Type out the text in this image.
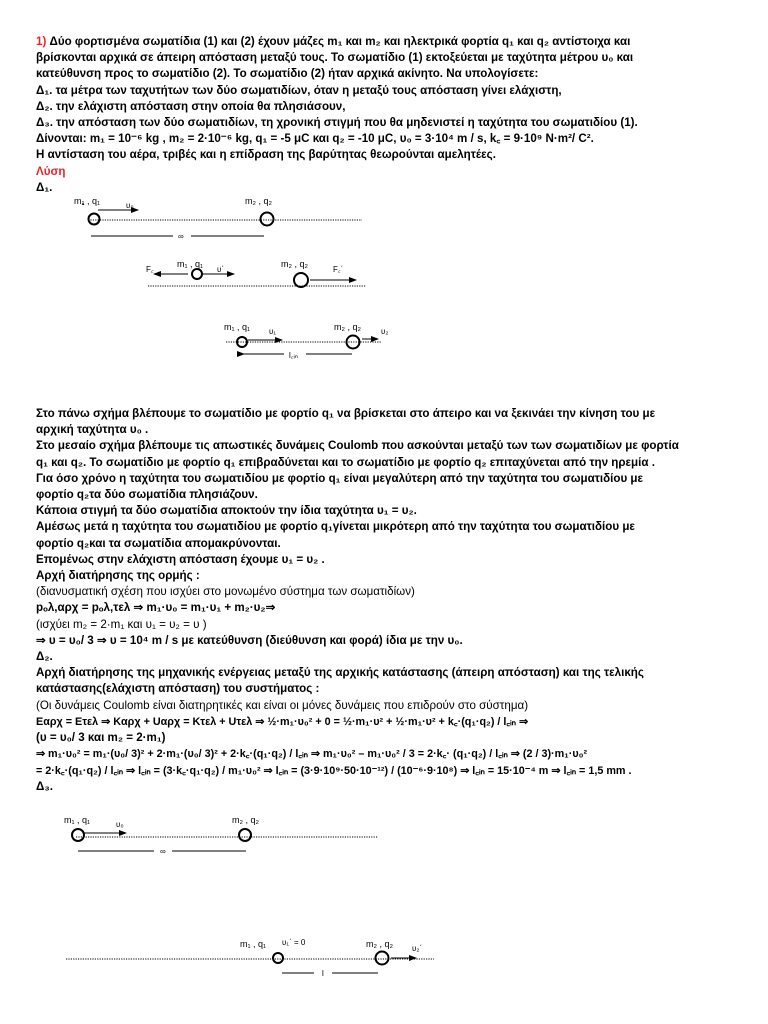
1) Δύο φορτισμένα σωματίδια (1) και (2) έχουν μάζες m₁ και m₂ και ηλεκτρικά φορτία q₁ και q₂ αντίστοιχα και
βρίσκονται αρχικά σε άπειρη απόσταση μεταξύ τους. Το σωματίδιο (1) εκτοξεύεται με ταχύτητα μέτρου υ₀ και
κατεύθυνση προς το σωματίδιο (2). Το σωματίδιο (2) ήταν αρχικά ακίνητο. Να υπολογίσετε:
Δ₁. τα μέτρα των ταχυτήτων των δύο σωματιδίων, όταν η μεταξύ τους απόσταση γίνει ελάχιστη,
Δ₂. την ελάχιστη απόσταση στην οποία θα πλησιάσουν,
Δ₃. την απόσταση των δύο σωματιδίων, τη χρονική στιγμή που θα μηδενιστεί η ταχύτητα του σωματιδίου (1).
Δίνονται: m₁ = 10⁻⁶ kg , m₂ = 2·10⁻⁶ kg, q₁ = -5 μC και q₂ = -10 μC, υ₀ = 3·10⁴ m / s, k꜀ = 9·10⁹ N·m²/ C².
Η αντίσταση του αέρα, τριβές και η επίδραση της βαρύτητας θεωρούνται αμελητέες.
Λύση
Δ₁.
m₁ , q₁	υ₀	m₂ , q₂
∞
F꜀
m₁ , q₁
υ΄
m₂ , q₂
F꜀΄
m₁ , q₁ υ₁	m₂ , q₂	υ₂
l꜀ᵢₙ
Στο πάνω σχήμα βλέπουμε το σωματίδιο με φορτίο q₁ να βρίσκεται στο άπειρο και να ξεκινάει την κίνηση του με
αρχική ταχύτητα υ₀ .
Στο μεσαίο σχήμα βλέπουμε τις απωστικές δυνάμεις Coulomb που ασκούνται μεταξύ των των σωματιδίων με φορτία
q₁ και q₂. Το σωματίδιο με φορτίο q₁ επιβραδύνεται και το σωματίδιο με φορτίο q₂ επιταχύνεται από την ηρεμία .
Για όσο χρόνο η ταχύτητα του σωματιδίου με φορτίο q₁ είναι μεγαλύτερη από την ταχύτητα του σωματιδίου με
φορτίο q₂τα δύο σωματίδια πλησιάζουν.
Κάποια στιγμή τα δύο σωματίδια αποκτούν την ίδια ταχύτητα υ₁ = υ₂.
Αμέσως μετά η ταχύτητα του σωματιδίου με φορτίο q₁γίνεται μικρότερη από την ταχύτητα του σωματιδίου με
φορτίο q₂και τα σωματίδια απομακρύνονται.
Επομένως στην ελάχιστη απόσταση έχουμε υ₁ = υ₂ .
Αρχή διατήρησης της ορμής :
(διανυσματική σχέση που ισχύει στο μονωμένο σύστημα των σωματιδίων)
pₒλ,αρχ = pₒλ,τελ ⇒ m₁·υ₀ = m₁·υ₁ + m₂·υ₂⇒
(ισχύει m₂ = 2·m₁ και υ₁ = υ₂ = υ )
⇒ υ = υ₀/ 3 ⇒ υ = 10⁴ m / s με κατεύθυνση (διεύθυνση και φορά) ίδια με την υ₀.
Δ₂.
Αρχή διατήρησης της μηχανικής ενέργειας μεταξύ της αρχικής κατάστασης (άπειρη απόσταση) και της τελικής
κατάστασης(ελάχιστη απόσταση) του συστήματος :
(Οι δυνάμεις Coulomb είναι διατηρητικές και είναι οι μόνες δυνάμεις που επιδρούν στο σύστημα)
Eαρχ = Eτελ ⇒ Kαρχ + Uαρχ = Kτελ + Uτελ ⇒ ½·m₁·υ₀² + 0 = ½·m₁·υ² + ½·m₁·υ² + k꜀·(q₁·q₂) / l꜀ᵢₙ ⇒
(υ = υ₀/ 3 και m₂ = 2·m₁)
⇒ m₁·υ₀² = m₁·(υ₀/ 3)² + 2·m₁·(υ₀/ 3)² + 2·k꜀·(q₁·q₂) / l꜀ᵢₙ ⇒ m₁·υ₀² – m₁·υ₀² / 3 = 2·k꜀· (q₁·q₂) / l꜀ᵢₙ ⇒ (2 / 3)·m₁·υ₀²
= 2·k꜀·(q₁·q₂) / l꜀ᵢₙ ⇒ l꜀ᵢₙ = (3·k꜀·q₁·q₂) / m₁·υ₀² ⇒ l꜀ᵢₙ = (3·9·10⁹·50·10⁻¹²) / (10⁻⁶·9·10⁸) ⇒ l꜀ᵢₙ = 15·10⁻⁴ m ⇒ l꜀ᵢₙ = 1,5 mm .
Δ₃.
m₁ , q₁	υ₀	m₂ , q₂
∞
m₁ , q₁ υ₁΄ = 0	m₂ , q₂ υ₂΄
l
